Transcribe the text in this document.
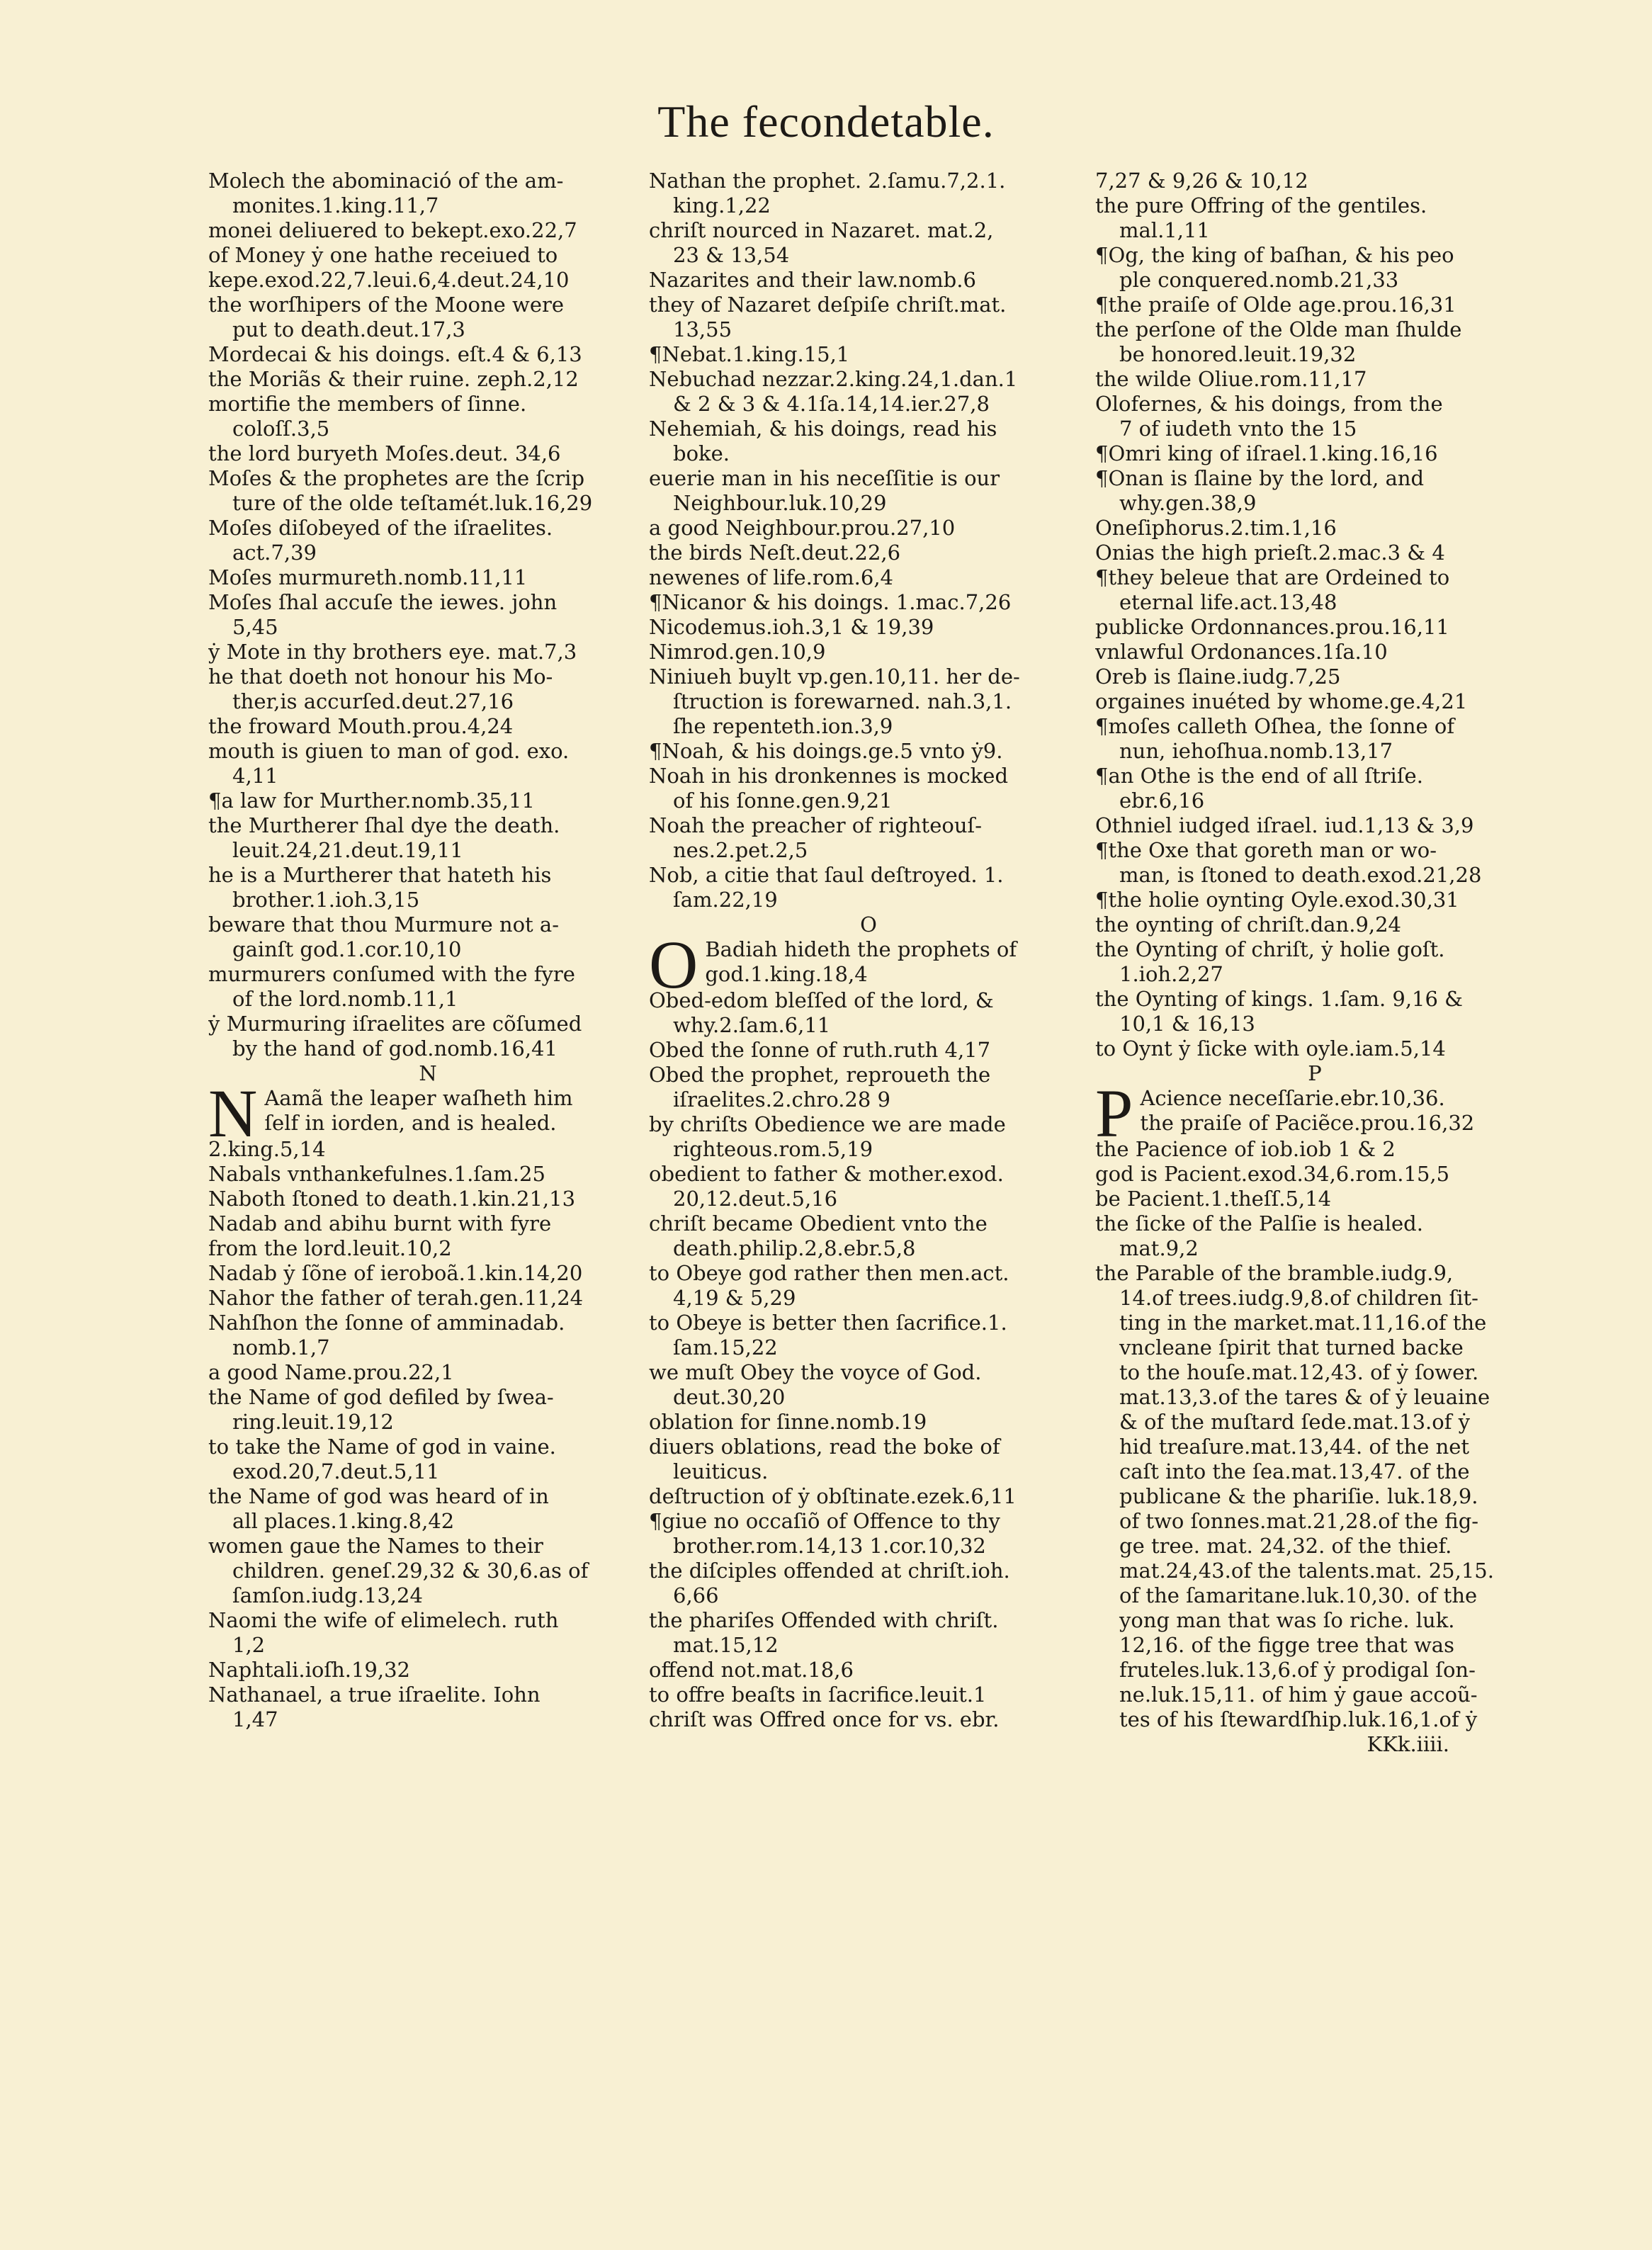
The fecondetable.
Molech the abominació of the am-
monites.1.king.11,7
monei deliuered to bekept.exo.22,7
of Money ẏ one hathe receiued to
kepe.exod.22,7.leui.6,4.deut.24,10
the worſhipers of the Moone were
put to death.deut.17,3
Mordecai & his doings. eſt.4 & 6,13
the Moriãs & their ruine. zeph.2,12
mortifie the members of ſinne.
coloſſ.3,5
the lord buryeth Moſes.deut. 34,6
Moſes & the prophetes are the ſcrip
ture of the olde teſtamét.luk.16,29
Moſes diſobeyed of the iſraelites.
act.7,39
Moſes murmureth.nomb.11,11
Moſes ſhal accuſe the iewes. john
5,45
ẏ Mote in thy brothers eye. mat.7,3
he that doeth not honour his Mo-
ther,is accurſed.deut.27,16
the froward Mouth.prou.4,24
mouth is giuen to man of god. exo.
4,11
¶a law for Murther.nomb.35,11
the Murtherer ſhal dye the death.
leuit.24,21.deut.19,11
he is a Murtherer that hateth his
brother.1.ioh.3,15
beware that thou Murmure not a-
gainſt god.1.cor.10,10
murmurers conſumed with the fyre
of the lord.nomb.11,1
ẏ Murmuring iſraelites are cõſumed
by the hand of god.nomb.16,41
N
N Aamã the leaper waſheth him
ſelf in iorden, and is healed.
2.king.5,14
Nabals vnthankefulnes.1.ſam.25
Naboth ſtoned to death.1.kin.21,13
Nadab and abihu burnt with fyre
from the lord.leuit.10,2
Nadab ẏ ſõne of ieroboã.1.kin.14,20
Nahor the father of terah.gen.11,24
Nahſhon the ſonne of amminadab.
nomb.1,7
a good Name.prou.22,1
the Name of god defiled by ſwea-
ring.leuit.19,12
to take the Name of god in vaine.
exod.20,7.deut.5,11
the Name of god was heard of in
all places.1.king.8,42
women gaue the Names to their
children. geneſ.29,32 & 30,6.as of
ſamſon.iudg.13,24
Naomi the wife of elimelech. ruth
1,2
Naphtali.ioſh.19,32
Nathanael, a true iſraelite. Iohn
1,47
Nathan the prophet. 2.ſamu.7,2.1.
king.1,22
chriſt nourced in Nazaret. mat.2,
23 & 13,54
Nazarites and their law.nomb.6
they of Nazaret deſpiſe chriſt.mat.
13,55
¶Nebat.1.king.15,1
Nebuchad nezzar.2.king.24,1.dan.1
& 2 & 3 & 4.1ſa.14,14.ier.27,8
Nehemiah, & his doings, read his
boke.
euerie man in his neceſſitie is our
Neighbour.luk.10,29
a good Neighbour.prou.27,10
the birds Neſt.deut.22,6
newenes of life.rom.6,4
¶Nicanor & his doings. 1.mac.7,26
Nicodemus.ioh.3,1 & 19,39
Nimrod.gen.10,9
Niniueh buylt vp.gen.10,11. her de-
ſtruction is forewarned. nah.3,1.
ſhe repenteth.ion.3,9
¶Noah, & his doings.ge.5 vnto ẏ9.
Noah in his dronkennes is mocked
of his ſonne.gen.9,21
Noah the preacher of righteouſ-
nes.2.pet.2,5
Nob, a citie that ſaul deſtroyed. 1.
ſam.22,19
O
O Badiah hideth the prophets of
god.1.king.18,4
Obed-edom bleſſed of the lord, &
why.2.ſam.6,11
Obed the ſonne of ruth.ruth 4,17
Obed the prophet, reproueth the
iſraelites.2.chro.28 9
by chriſts Obedience we are made
righteous.rom.5,19
obedient to father & mother.exod.
20,12.deut.5,16
chriſt became Obedient vnto the
death.philip.2,8.ebr.5,8
to Obeye god rather then men.act.
4,19 & 5,29
to Obeye is better then ſacrifice.1.
ſam.15,22
we muſt Obey the voyce of God.
deut.30,20
oblation for ſinne.nomb.19
diuers oblations, read the boke of
leuiticus.
deſtruction of ẏ obſtinate.ezek.6,11
¶giue no occaſiõ of Offence to thy
brother.rom.14,13 1.cor.10,32
the diſciples offended at chriſt.ioh.
6,66
the phariſes Offended with chriſt.
mat.15,12
offend not.mat.18,6
to offre beaſts in ſacrifice.leuit.1
chriſt was Offred once for vs. ebr.
7,27 & 9,26 & 10,12
the pure Offring of the gentiles.
mal.1,11
¶Og, the king of baſhan, & his peo
ple conquered.nomb.21,33
¶the praiſe of Olde age.prou.16,31
the perſone of the Olde man ſhulde
be honored.leuit.19,32
the wilde Oliue.rom.11,17
Olofernes, & his doings, from the
7 of iudeth vnto the 15
¶Omri king of iſrael.1.king.16,16
¶Onan is ſlaine by the lord, and
why.gen.38,9
Oneſiphorus.2.tim.1,16
Onias the high prieſt.2.mac.3 & 4
¶they beleue that are Ordeined to
eternal life.act.13,48
publicke Ordonnances.prou.16,11
vnlawful Ordonances.1ſa.10
Oreb is ſlaine.iudg.7,25
orgaines inuéted by whome.ge.4,21
¶moſes calleth Oſhea, the ſonne of
nun, iehoſhua.nomb.13,17
¶an Othe is the end of all ſtriſe.
ebr.6,16
Othniel iudged iſrael. iud.1,13 & 3,9
¶the Oxe that goreth man or wo-
man, is ſtoned to death.exod.21,28
¶the holie oynting Oyle.exod.30,31
the oynting of chriſt.dan.9,24
the Oynting of chriſt, ẏ holie goſt.
1.ioh.2,27
the Oynting of kings. 1.ſam. 9,16 &
10,1 & 16,13
to Oynt ẏ ſicke with oyle.iam.5,14
P
P Acience neceſſarie.ebr.10,36.
the praiſe of Paciẽce.prou.16,32
the Pacience of iob.iob 1 & 2
god is Pacient.exod.34,6.rom.15,5
be Pacient.1.theſſ.5,14
the ſicke of the Palſie is healed.
mat.9,2
the Parable of the bramble.iudg.9,
14.of trees.iudg.9,8.of children ſit-
ting in the market.mat.11,16.of the
vncleane ſpirit that turned backe
to the houſe.mat.12,43. of ẏ ſower.
mat.13,3.of the tares & of ẏ leuaine
& of the muſtard ſede.mat.13.of ẏ
hid treaſure.mat.13,44. of the net
caſt into the ſea.mat.13,47. of the
publicane & the phariſie. luk.18,9.
of two ſonnes.mat.21,28.of the fig-
ge tree. mat. 24,32. of the thief.
mat.24,43.of the talents.mat. 25,15.
of the ſamaritane.luk.10,30. of the
yong man that was ſo riche. luk.
12,16. of the figge tree that was
fruteles.luk.13,6.of ẏ prodigal ſon-
ne.luk.15,11. of him ẏ gaue accoũ-
tes of his ſtewardſhip.luk.16,1.of ẏ
KKk.iiii.
